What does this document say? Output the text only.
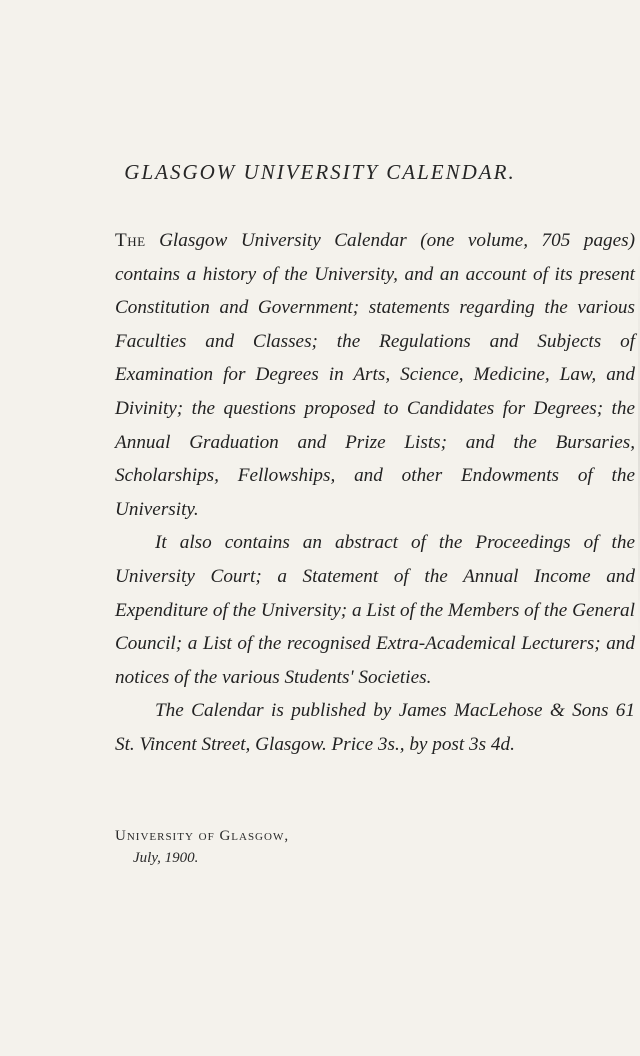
GLASGOW UNIVERSITY CALENDAR.

The Glasgow University Calendar (one volume, 705 pages) contains a history of the University, and an account of its present Constitution and Government; statements regarding the various Faculties and Classes; the Regulations and Subjects of Examination for Degrees in Arts, Science, Medicine, Law, and Divinity; the questions proposed to Candidates for Degrees; the Annual Graduation and Prize Lists; and the Bursaries, Scholarships, Fellowships, and other Endowments of the University.

It also contains an abstract of the Proceedings of the University Court; a Statement of the Annual Income and Expenditure of the University; a List of the Members of the General Council; a List of the recognised Extra-Academical Lecturers; and notices of the various Students' Societies.

The Calendar is published by James MacLehose & Sons 61 St. Vincent Street, Glasgow. Price 3s., by post 3s 4d.

University of Glasgow,
July, 1900.
